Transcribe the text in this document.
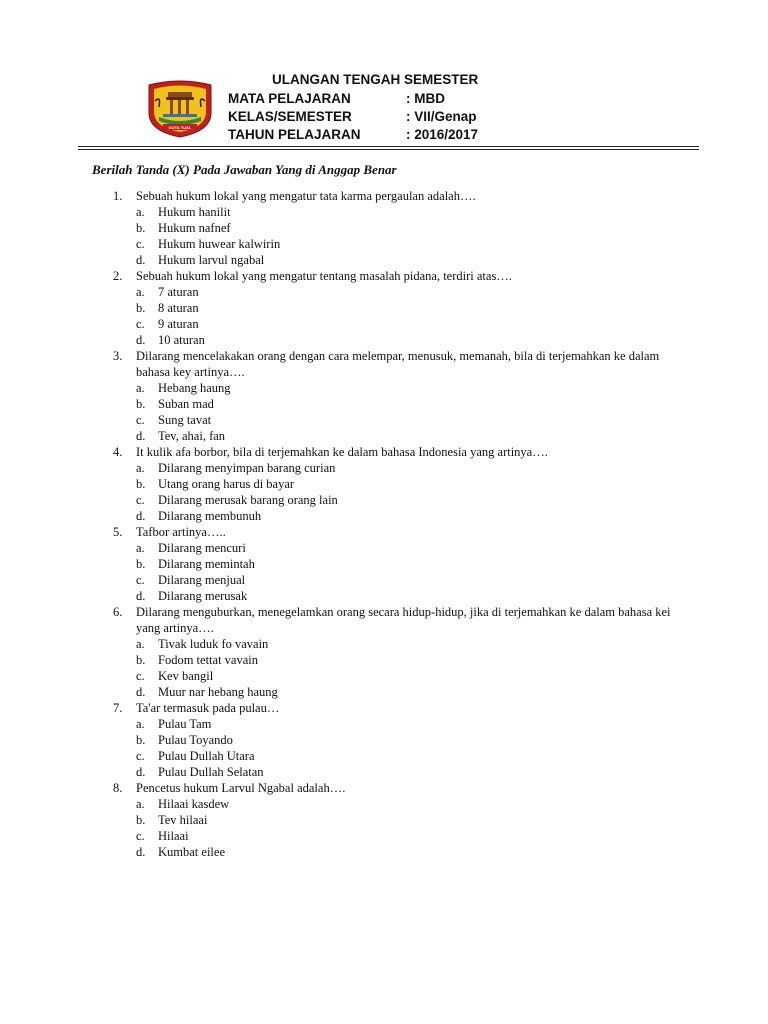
KOTA TUAL
ULANGAN TENGAH SEMESTER
MATA PELAJARAN	: MBD
KELAS/SEMESTER	: VII/Genap
TAHUN PELAJARAN	: 2016/2017
Berilah Tanda (X) Pada Jawaban Yang di Anggap Benar
1. Sebuah hukum lokal yang mengatur tata karma pergaulan adalah….
a. Hukum hanilit
b. Hukum nafnef
c. Hukum huwear kalwirin
d. Hukum larvul ngabal
2. Sebuah hukum lokal yang mengatur tentang masalah pidana, terdiri atas….
a. 7 aturan
b. 8 aturan
c. 9 aturan
d. 10 aturan
3. Dilarang mencelakakan orang dengan cara melempar, menusuk, memanah, bila di terjemahkan ke dalam bahasa key artinya….
a. Hebang haung
b. Suban mad
c. Sung tavat
d. Tev, ahai, fan
4. It kulik afa borbor, bila di terjemahkan ke dalam bahasa Indonesia yang artinya….
a. Dilarang menyimpan barang curian
b. Utang orang harus di bayar
c. Dilarang merusak barang orang lain
d. Dilarang membunuh
5. Tafbor artinya…..
a. Dilarang mencuri
b. Dilarang memintah
c. Dilarang menjual
d. Dilarang merusak
6. Dilarang menguburkan, menegelamkan orang secara hidup-hidup, jika di terjemahkan ke dalam bahasa kei yang artinya….
a. Tivak luduk fo vavain
b. Fodom tettat vavain
c. Kev bangil
d. Muur nar hebang haung
7. Ta'ar termasuk pada pulau…
a. Pulau Tam
b. Pulau Toyando
c. Pulau Dullah Utara
d. Pulau Dullah Selatan
8. Pencetus hukum Larvul Ngabal adalah….
a. Hilaai kasdew
b. Tev hilaai
c. Hilaai
d. Kumbat eilee
